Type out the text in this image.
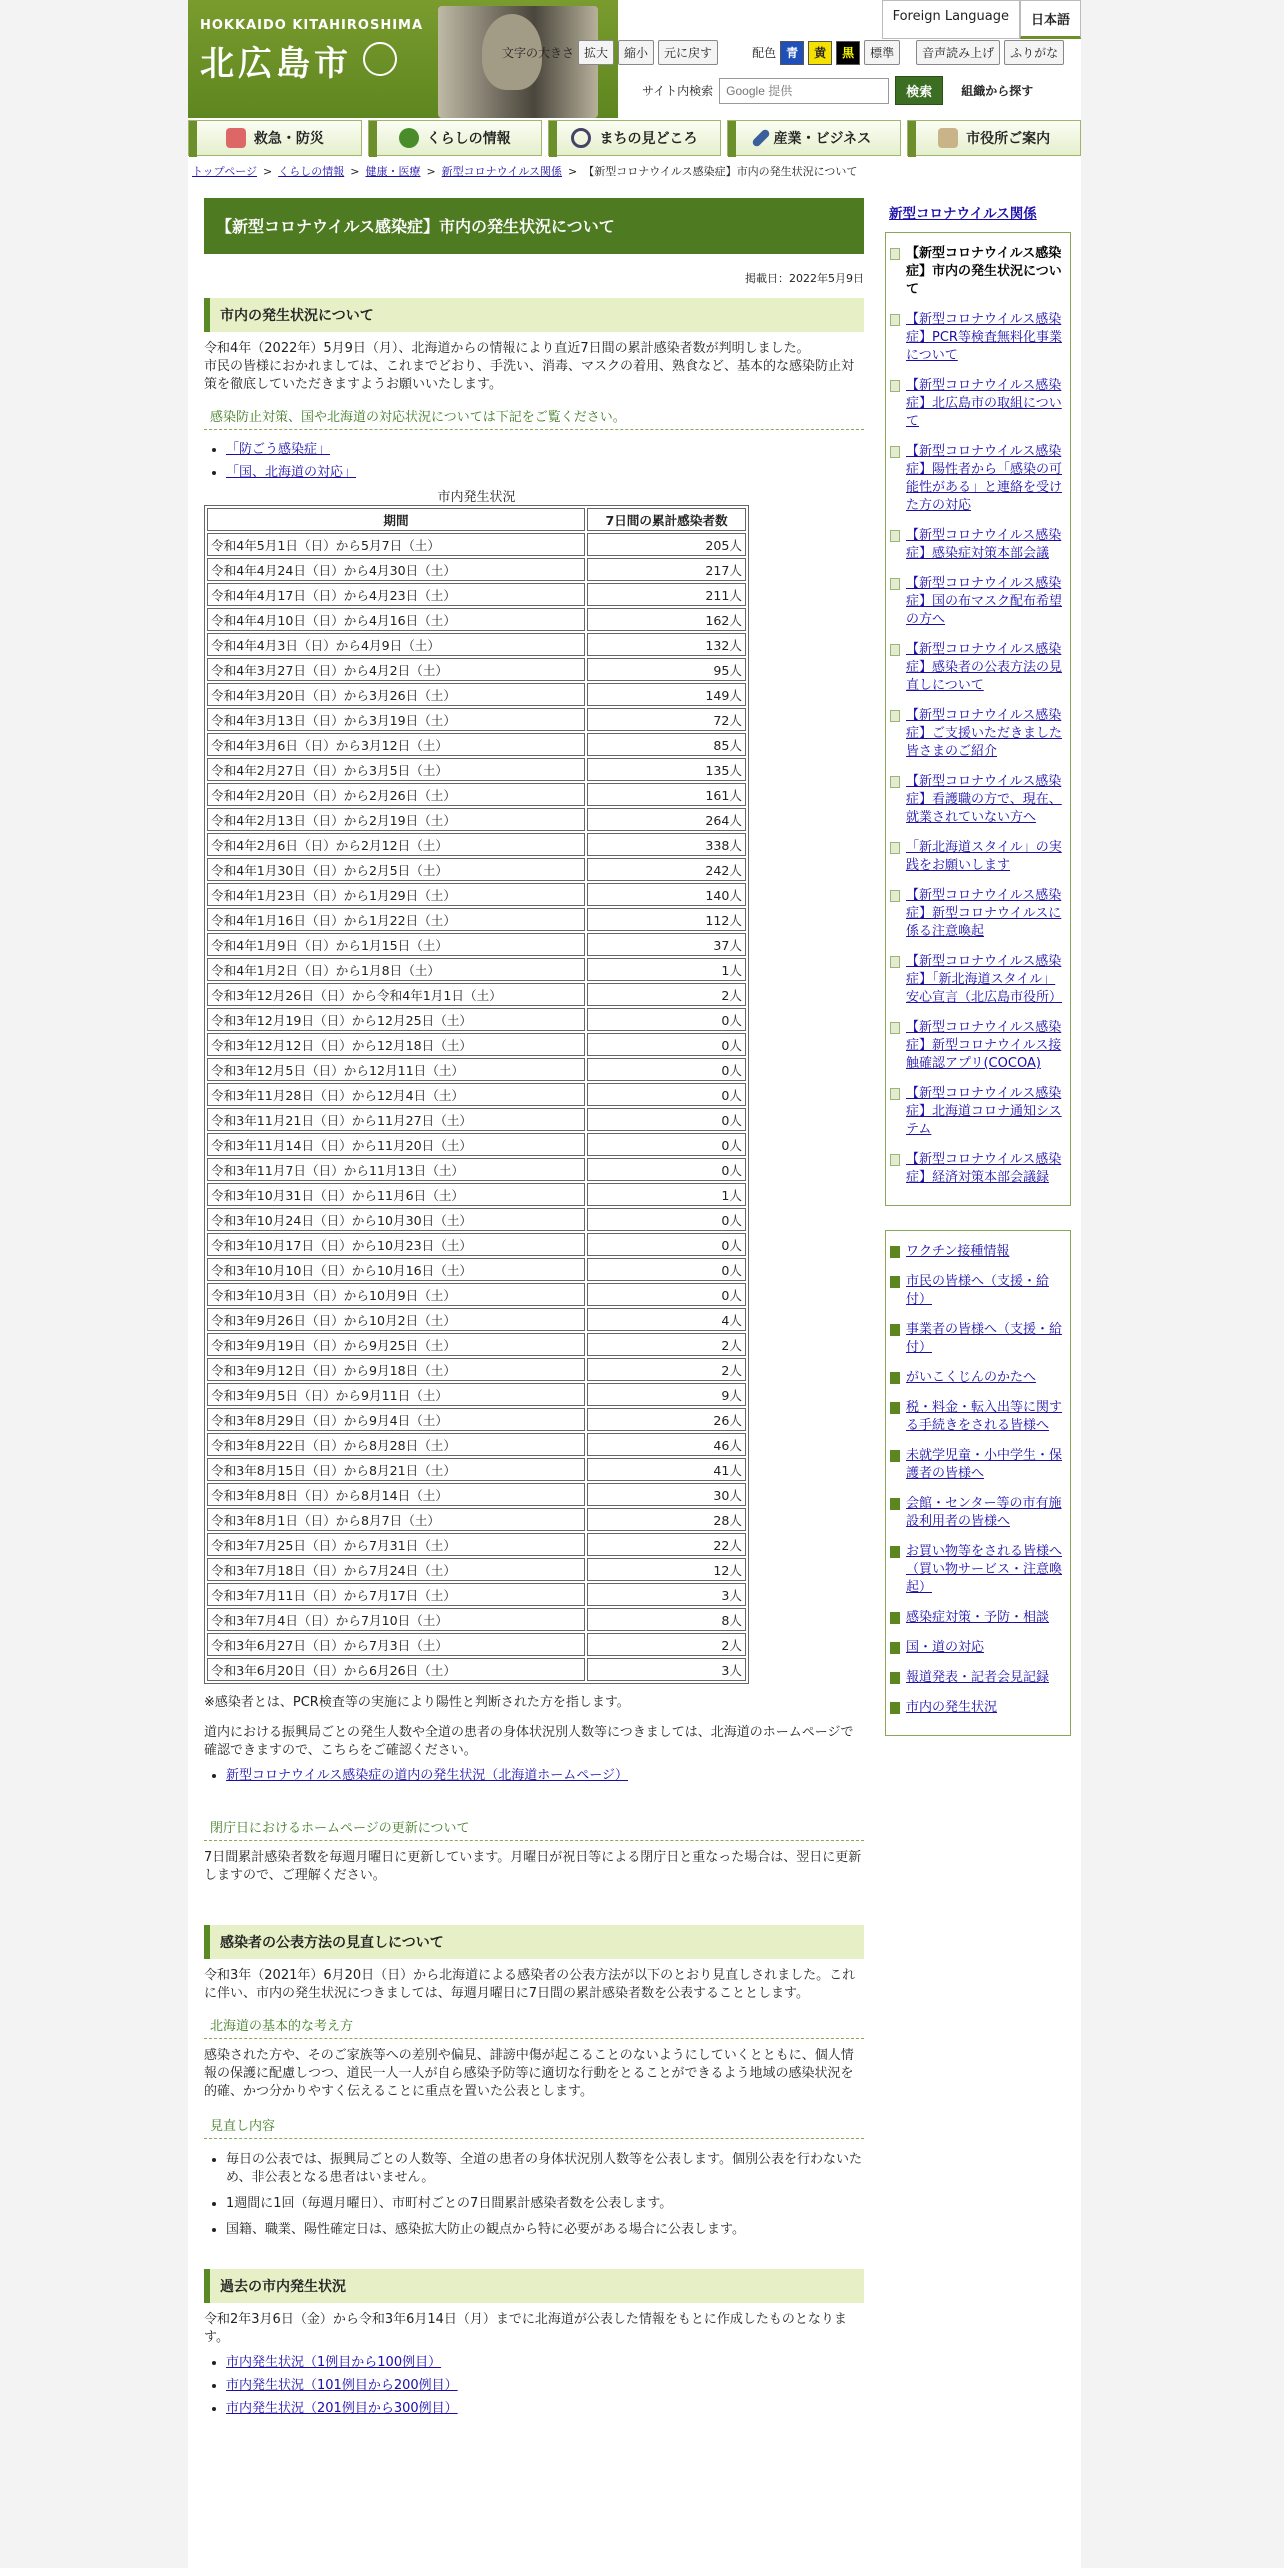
HOKKAIDO KITAHIROSHIMA
北広島市
Foreign Language	日本語
文字の大きさ 拡大	縮小	元に戻す	配色 青	黄	黒	標準	音声読み上げ	ふりがな
サイト内検索
Google 提供	検索	組織から探す
救急・防災	くらしの情報	まちの見どころ	産業・ビジネス	市役所ご案内
トップページ > くらしの情報 > 健康・医療 > 新型コロナウイルス関係 > 【新型コロナウイルス感染症】市内の発生状況について
【新型コロナウイルス感染症】市内の発生状況について
掲載日：2022年5月9日
市内の発生状況について

令和4年（2022年）5月9日（月）、北海道からの情報により直近7日間の累計感染者数が判明しました。

市民の皆様におかれましては、これまでどおり、手洗い、消毒、マスクの着用、熟食など、基本的な感染防止対策を徹底していただきますようお願いいたします。

感染防止対策、国や北海道の対応状況については下記をご覧ください。
• 「防ごう感染症」
• 「国、北海道の対応」
市内発生状況
期間	7日間の累計感染者数
令和4年5月1日（日）から5月7日（土）	205人
令和4年4月24日（日）から4月30日（土）	217人
令和4年4月17日（日）から4月23日（土）	211人
令和4年4月10日（日）から4月16日（土）	162人
令和4年4月3日（日）から4月9日（土）	132人
令和4年3月27日（日）から4月2日（土）	95人
令和4年3月20日（日）から3月26日（土）	149人
令和4年3月13日（日）から3月19日（土）	72人
令和4年3月6日（日）から3月12日（土）	85人
令和4年2月27日（日）から3月5日（土）	135人
令和4年2月20日（日）から2月26日（土）	161人
令和4年2月13日（日）から2月19日（土）	264人
令和4年2月6日（日）から2月12日（土）	338人
令和4年1月30日（日）から2月5日（土）	242人
令和4年1月23日（日）から1月29日（土）	140人
令和4年1月16日（日）から1月22日（土）	112人
令和4年1月9日（日）から1月15日（土）	37人
令和4年1月2日（日）から1月8日（土）	1人
令和3年12月26日（日）から令和4年1月1日（土）	2人
令和3年12月19日（日）から12月25日（土）	0人
令和3年12月12日（日）から12月18日（土）	0人
令和3年12月5日（日）から12月11日（土）	0人
令和3年11月28日（日）から12月4日（土）	0人
令和3年11月21日（日）から11月27日（土）	0人
令和3年11月14日（日）から11月20日（土）	0人
令和3年11月7日（日）から11月13日（土）	0人
令和3年10月31日（日）から11月6日（土）	1人
令和3年10月24日（日）から10月30日（土）	0人
令和3年10月17日（日）から10月23日（土）	0人
令和3年10月10日（日）から10月16日（土）	0人
令和3年10月3日（日）から10月9日（土）	0人
令和3年9月26日（日）から10月2日（土）	4人
令和3年9月19日（日）から9月25日（土）	2人
令和3年9月12日（日）から9月18日（土）	2人
令和3年9月5日（日）から9月11日（土）	9人
令和3年8月29日（日）から9月4日（土）	26人
令和3年8月22日（日）から8月28日（土）	46人
令和3年8月15日（日）から8月21日（土）	41人
令和3年8月8日（日）から8月14日（土）	30人
令和3年8月1日（日）から8月7日（土）	28人
令和3年7月25日（日）から7月31日（土）	22人
令和3年7月18日（日）から7月24日（土）	12人
令和3年7月11日（日）から7月17日（土）	3人
令和3年7月4日（日）から7月10日（土）	8人
令和3年6月27日（日）から7月3日（土）	2人
令和3年6月20日（日）から6月26日（土）	3人

※感染者とは、PCR検査等の実施により陽性と判断された方を指します。

道内における振興局ごとの発生人数や全道の患者の身体状況別人数等につきましては、北海道のホームページで確認できますので、こちらをご確認ください。

• 新型コロナウイルス感染症の道内の発生状況（北海道ホームページ）
閉庁日におけるホームページの更新について

7日間累計感染者数を毎週月曜日に更新しています。月曜日が祝日等による閉庁日と重なった場合は、翌日に更新しますので、ご理解ください。

感染者の公表方法の見直しについて

令和3年（2021年）6月20日（日）から北海道による感染者の公表方法が以下のとおり見直しされました。これに伴い、市内の発生状況につきましては、毎週月曜日に7日間の累計感染者数を公表することとします。

北海道の基本的な考え方

感染された方や、そのご家族等への差別や偏見、誹謗中傷が起こることのないようにしていくとともに、個人情報の保護に配慮しつつ、道民一人一人が自ら感染予防等に適切な行動をとることができるよう地域の感染状況を的確、かつ分かりやすく伝えることに重点を置いた公表とします。

見直し内容
• 毎日の公表では、振興局ごとの人数等、全道の患者の身体状況別人数等を公表します。個別公表を行わないため、非公表となる患者はいません。
• 1週間に1回（毎週月曜日）、市町村ごとの7日間累計感染者数を公表します。
• 国籍、職業、陽性確定日は、感染拡大防止の観点から特に必要がある場合に公表します。
過去の市内発生状況

令和2年3月6日（金）から令和3年6月14日（月）までに北海道が公表した情報をもとに作成したものとなります。

• 市内発生状況（1例目から100例目）
• 市内発生状況（101例目から200例目）
• 市内発生状況（201例目から300例目）
新型コロナウイルス関係
【新型コロナウイルス感染症】市内の発生状況について
【新型コロナウイルス感染症】PCR等検査無料化事業について
【新型コロナウイルス感染症】北広島市の取組について
【新型コロナウイルス感染症】陽性者から「感染の可能性がある」と連絡を受けた方の対応
【新型コロナウイルス感染症】感染症対策本部会議
【新型コロナウイルス感染症】国の布マスク配布希望の方へ
【新型コロナウイルス感染症】感染者の公表方法の見直しについて
【新型コロナウイルス感染症】ご支援いただきました皆さまのご紹介
【新型コロナウイルス感染症】看護職の方で、現在、就業されていない方へ
「新北海道スタイル」の実践をお願いします
【新型コロナウイルス感染症】新型コロナウイルスに係る注意喚起
【新型コロナウイルス感染症】「新北海道スタイル」安心宣言（北広島市役所）
【新型コロナウイルス感染症】新型コロナウイルス接触確認アプリ(COCOA)
【新型コロナウイルス感染症】北海道コロナ通知システム
【新型コロナウイルス感染症】経済対策本部会議録
ワクチン接種情報
市民の皆様へ（支援・給付）
事業者の皆様へ（支援・給付）
がいこくじんのかたへ
税・料金・転入出等に関する手続きをされる皆様へ
未就学児童・小中学生・保護者の皆様へ
会館・センター等の市有施設利用者の皆様へ
お買い物等をされる皆様へ（買い物サービス・注意喚起）
感染症対策・予防・相談
国・道の対応
報道発表・記者会見記録
市内の発生状況
